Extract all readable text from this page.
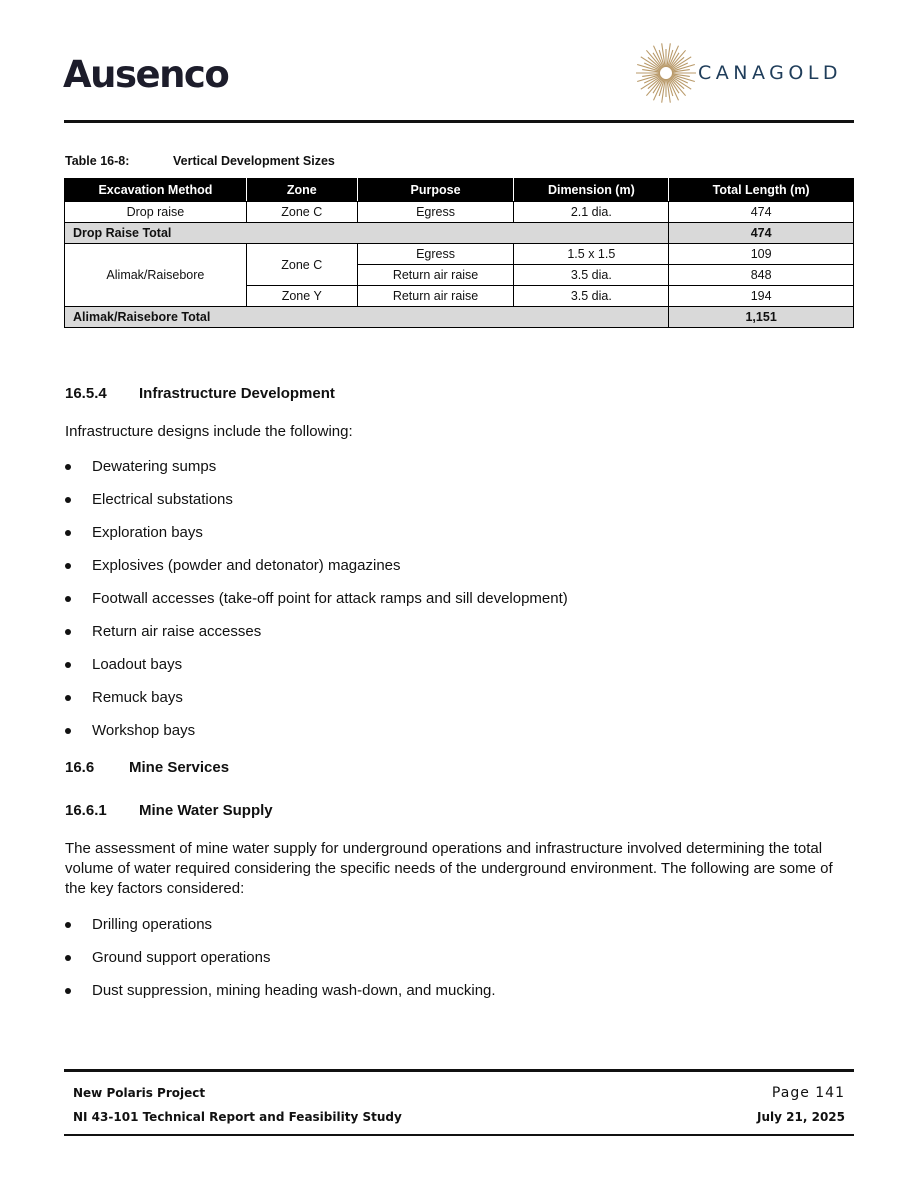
Ausenco	CANAGOLD
Table 16-8:	Vertical Development Sizes
Excavation Method	Zone	Purpose	Dimension (m)	Total Length (m)
Drop raise	Zone C	Egress	2.1 dia.	474
Drop Raise Total				474
Alimak/Raisebore	Zone C	Egress	1.5 x 1.5	109
		Return air raise	3.5 dia.	848
	Zone Y	Return air raise	3.5 dia.	194
Alimak/Raisebore Total				1,151
16.5.4 Infrastructure Development
Infrastructure designs include the following:
Dewatering sumps
Electrical substations
Exploration bays
Explosives (powder and detonator) magazines
Footwall accesses (take-off point for attack ramps and sill development)
Return air raise accesses
Loadout bays
Remuck bays
Workshop bays
16.6 Mine Services
16.6.1 Mine Water Supply
The assessment of mine water supply for underground operations and infrastructure involved determining the total volume of water required considering the specific needs of the underground environment. The following are some of the key factors considered:
Drilling operations
Ground support operations
Dust suppression, mining heading wash-down, and mucking.
New Polaris Project
NI 43-101 Technical Report and Feasibility Study
Page 141
July 21, 2025
